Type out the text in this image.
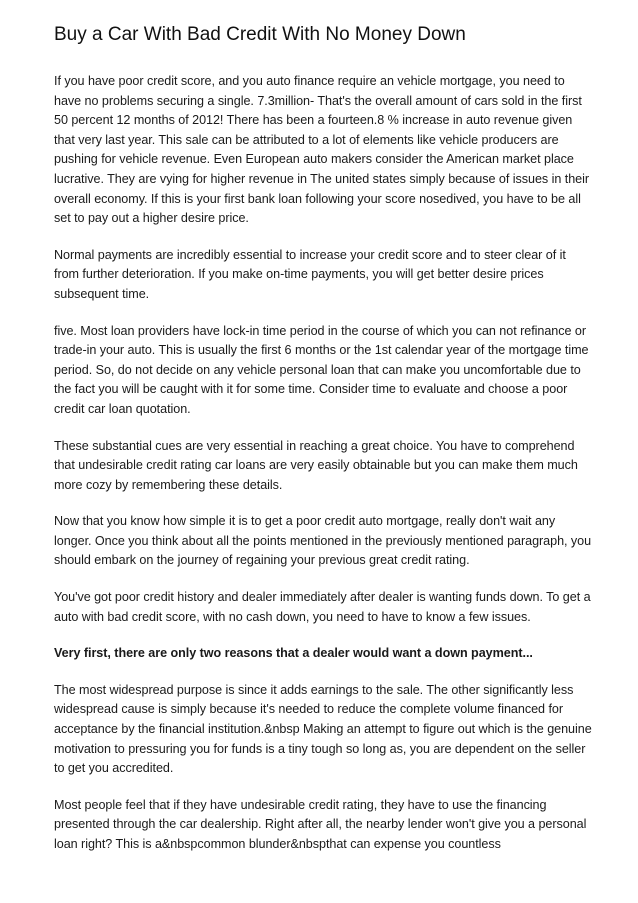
Buy a Car With Bad Credit With No Money Down

If you have poor credit score, and you auto finance require an vehicle mortgage, you need to have no problems securing a single. 7.3million- That's the overall amount of cars sold in the first 50 percent 12 months of 2012! There has been a fourteen.8 % increase in auto revenue given that very last year. This sale can be attributed to a lot of elements like vehicle producers are pushing for vehicle revenue. Even European auto makers consider the American market place lucrative. They are vying for higher revenue in The united states simply because of issues in their overall economy. If this is your first bank loan following your score nosedived, you have to be all set to pay out a higher desire price.

Normal payments are incredibly essential to increase your credit score and to steer clear of it from further deterioration. If you make on-time payments, you will get better desire prices subsequent time.

five. Most loan providers have lock-in time period in the course of which you can not refinance or trade-in your auto. This is usually the first 6 months or the 1st calendar year of the mortgage time period. So, do not decide on any vehicle personal loan that can make you uncomfortable due to the fact you will be caught with it for some time. Consider time to evaluate and choose a poor credit car loan quotation.

These substantial cues are very essential in reaching a great choice. You have to comprehend that undesirable credit rating car loans are very easily obtainable but you can make them much more cozy by remembering these details.

Now that you know how simple it is to get a poor credit auto mortgage, really don't wait any longer. Once you think about all the points mentioned in the previously mentioned paragraph, you should embark on the journey of regaining your previous great credit rating.

You've got poor credit history and dealer immediately after dealer is wanting funds down. To get a auto with bad credit score, with no cash down, you need to have to know a few issues.

Very first, there are only two reasons that a dealer would want a down payment...

The most widespread purpose is since it adds earnings to the sale. The other significantly less widespread cause is simply because it's needed to reduce the complete volume financed for acceptance by the financial institution.&nbsp Making an attempt to figure out which is the genuine motivation to pressuring you for funds is a tiny tough so long as, you are dependent on the seller to get you accredited.

Most people feel that if they have undesirable credit rating, they have to use the financing presented through the car dealership. Right after all, the nearby lender won't give you a personal loan right? This is a&nbspcommon blunder&nbspthat can expense you countless
